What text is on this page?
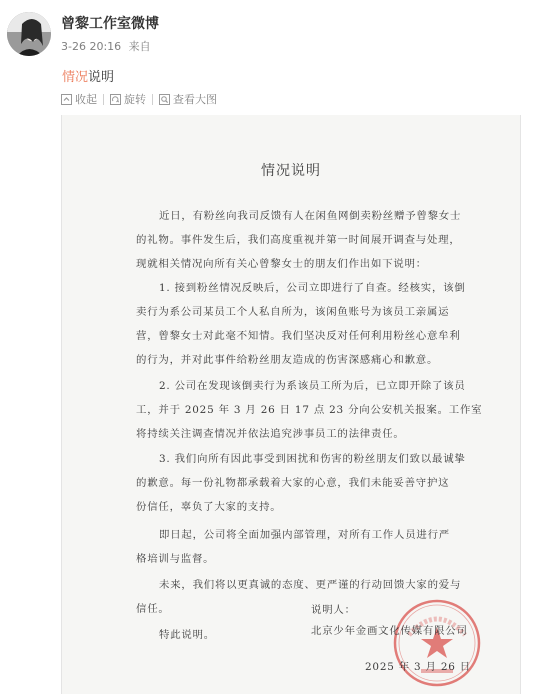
曾黎工作室微博
3-26 20:16 来自
情况说明
收起 旋转 查看大图
情况说明
近日，有粉丝向我司反馈有人在闲鱼网倒卖粉丝赠予曾黎女士
的礼物。事件发生后，我们高度重视并第一时间展开调查与处理，
现就相关情况向所有关心曾黎女士的朋友们作出如下说明：
1. 接到粉丝情况反映后，公司立即进行了自查。经核实，该倒
卖行为系公司某员工个人私自所为，该闲鱼账号为该员工亲属运
营，曾黎女士对此毫不知情。我们坚决反对任何利用粉丝心意牟利
的行为，并对此事件给粉丝朋友造成的伤害深感痛心和歉意。
2. 公司在发现该倒卖行为系该员工所为后，已立即开除了该员
工，并于 2025 年 3 月 26 日 17 点 23 分向公安机关报案。工作室
将持续关注调查情况并依法追究涉事员工的法律责任。
3. 我们向所有因此事受到困扰和伤害的粉丝朋友们致以最诚挚
的歉意。每一份礼物都承载着大家的心意，我们未能妥善守护这
份信任，辜负了大家的支持。
即日起，公司将全面加强内部管理，对所有工作人员进行严
格培训与监督。
未来，我们将以更真诚的态度、更严谨的行动回馈大家的爱与
信任。
特此说明。
说明人：
北京少年金画文化传媒有限公司
2025 年 3 月 26 日
